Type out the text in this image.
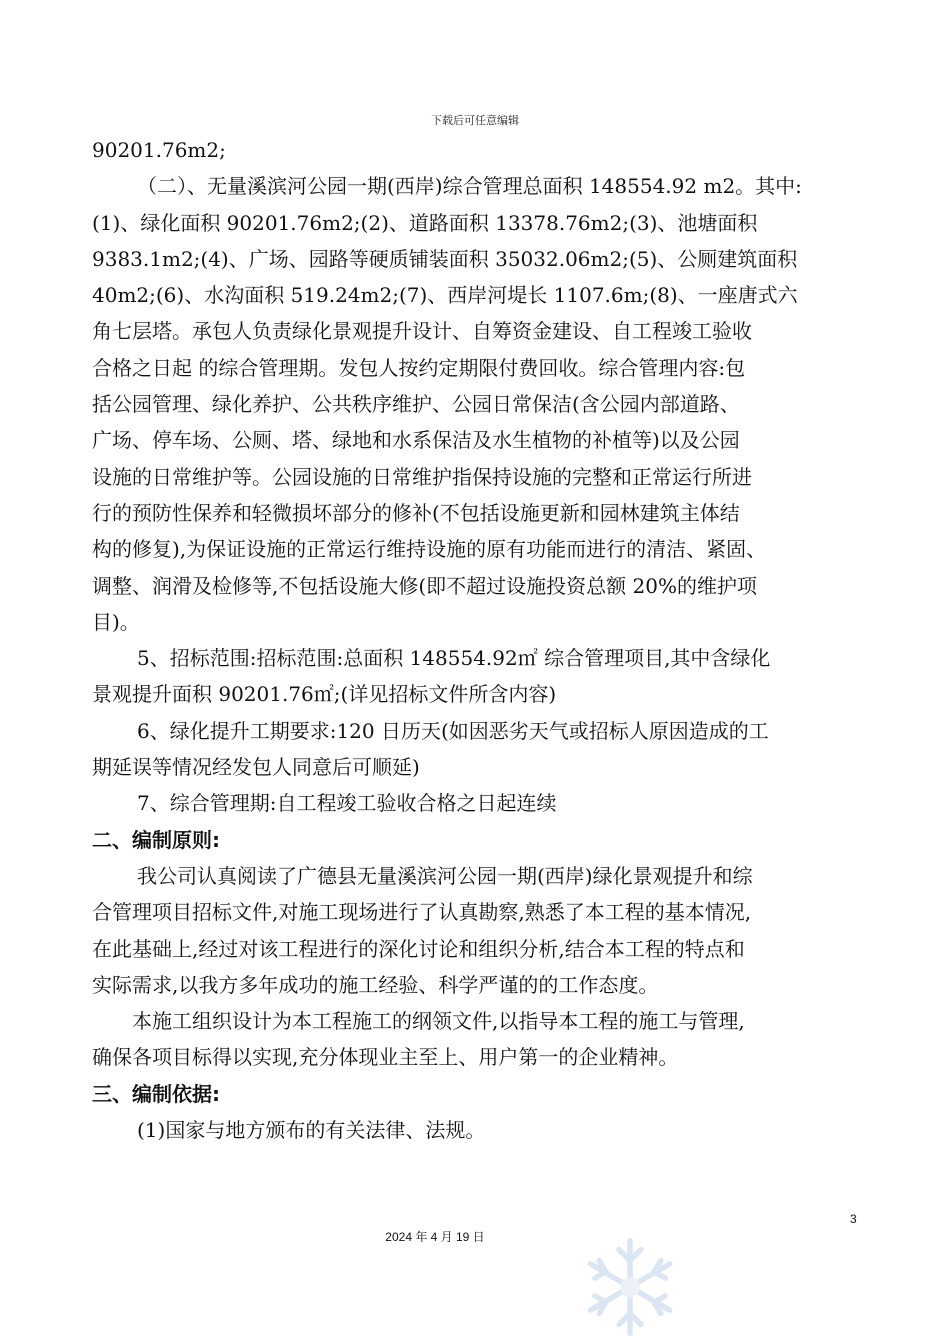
下载后可任意编辑

90201.76m2;

（二）、无量溪滨河公园一期(西岸)综合管理总面积 148554.92 m2。其中:
(1)、绿化面积 90201.76m2;(2)、道路面积 13378.76m2;(3)、池塘面积
9383.1m2;(4)、广场、园路等硬质铺装面积 35032.06m2;(5)、公厕建筑面积
40m2;(6)、水沟面积 519.24m2;(7)、西岸河堤长 1107.6m;(8)、一座唐式六
角七层塔。承包人负责绿化景观提升设计、自筹资金建设、自工程竣工验收
合格之日起 的综合管理期。发包人按约定期限付费回收。综合管理内容:包
括公园管理、绿化养护、公共秩序维护、公园日常保洁(含公园内部道路、
广场、停车场、公厕、塔、绿地和水系保洁及水生植物的补植等)以及公园
设施的日常维护等。公园设施的日常维护指保持设施的完整和正常运行所进
行的预防性保养和轻微损坏部分的修补(不包括设施更新和园林建筑主体结
构的修复),为保证设施的正常运行维持设施的原有功能而进行的清洁、紧固、
调整、润滑及检修等,不包括设施大修(即不超过设施投资总额 20%的维护项
目)。

5、招标范围:招标范围:总面积 148554.92㎡ 综合管理项目,其中含绿化
景观提升面积 90201.76㎡;(详见招标文件所含内容)

6、绿化提升工期要求:120 日历天(如因恶劣天气或招标人原因造成的工
期延误等情况经发包人同意后可顺延)

7、综合管理期:自工程竣工验收合格之日起连续

二、编制原则:

我公司认真阅读了广德县无量溪滨河公园一期(西岸)绿化景观提升和综
合管理项目招标文件,对施工现场进行了认真勘察,熟悉了本工程的基本情况,
在此基础上,经过对该工程进行的深化讨论和组织分析,结合本工程的特点和
实际需求,以我方多年成功的施工经验、科学严谨的的工作态度。

本施工组织设计为本工程施工的纲领文件,以指导本工程的施工与管理,
确保各项目标得以实现,充分体现业主至上、用户第一的企业精神。

三、编制依据:

(1)国家与地方颁布的有关法律、法规。

3
2024 年 4 月 19 日
